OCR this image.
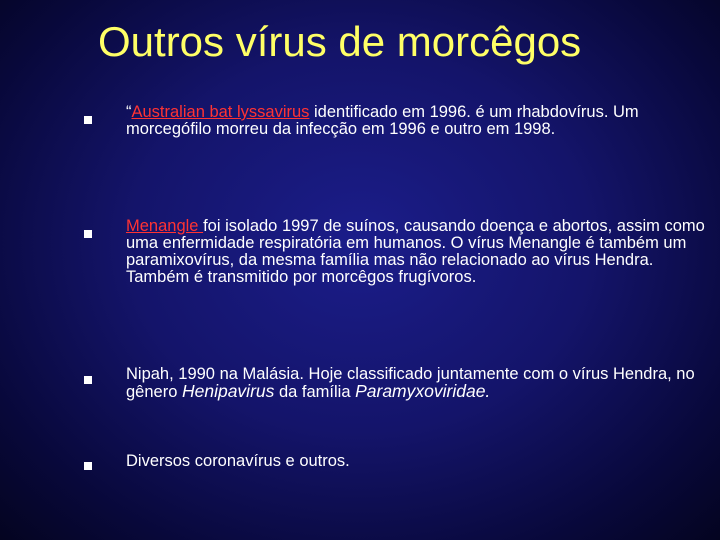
Outros vírus de morcêgos
“Australian bat lyssavirus identificado em 1996. é um rhabdovírus. Um morcegófilo morreu da infecção em 1996 e outro em 1998.
Menangle foi isolado 1997 de suínos, causando doença e abortos, assim como uma enfermidade respiratória em humanos. O vírus Menangle é também um paramixovírus, da mesma família mas não relacionado ao vírus Hendra. Também é transmitido por morcêgos frugívoros.
Nipah, 1990 na Malásia. Hoje classificado juntamente com o vírus Hendra, no gênero Henipavirus da família Paramyxoviridae.
Diversos coronavírus e outros.
